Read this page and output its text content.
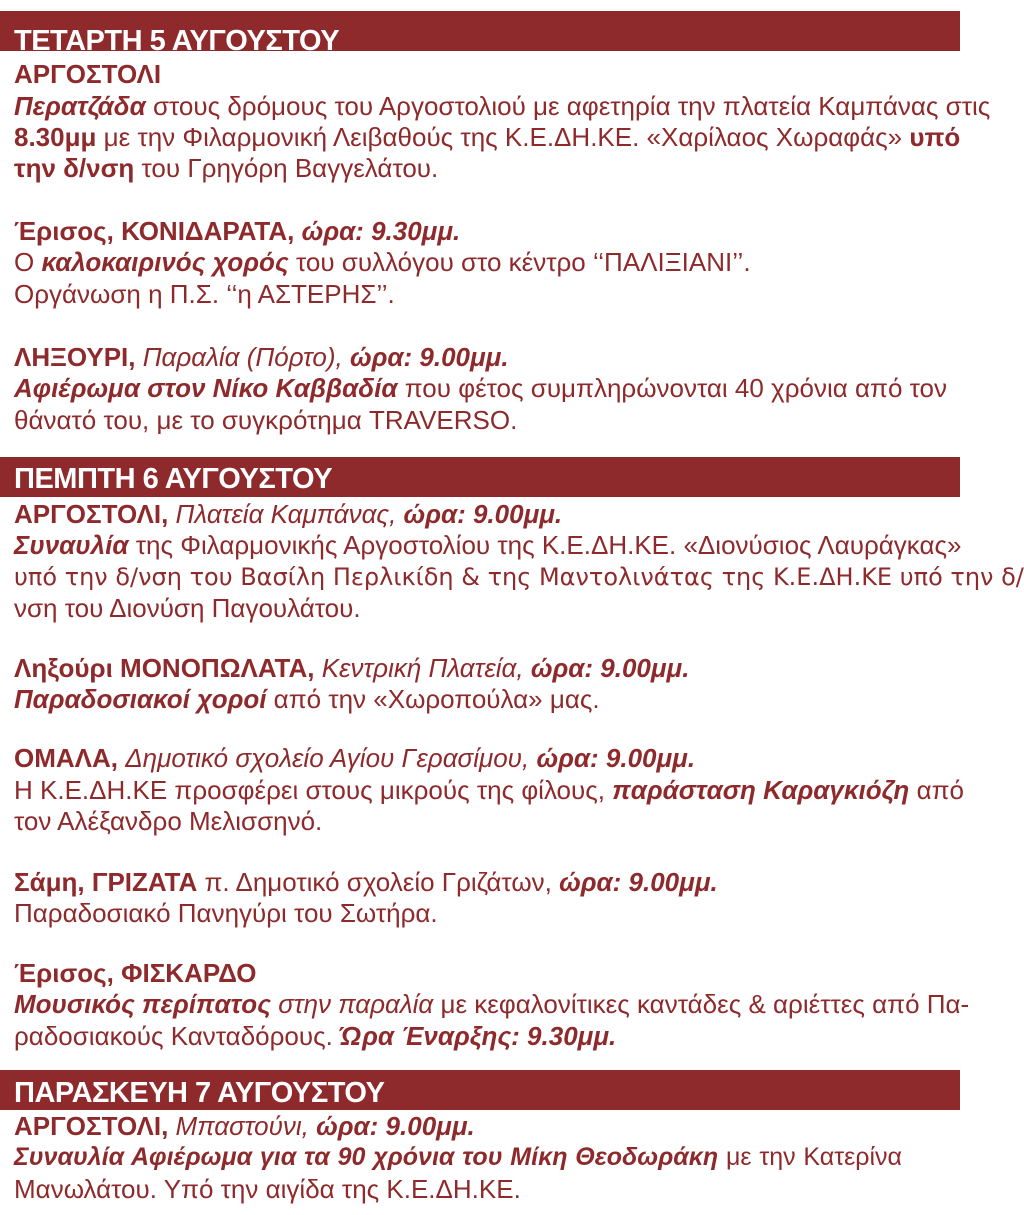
ΤΕΤΑΡΤΗ 5 ΑΥΓΟΥΣΤΟΥ
ΑΡΓΟΣΤΟΛΙ
Περατζάδα στους δρόμους του Αργοστολιού με αφετηρία την πλατεία Καμπάνας στις
8.30μμ με την Φιλαρμονική Λειβαθούς της Κ.Ε.ΔΗ.ΚΕ. «Χαρίλαος Χωραφάς» υπό
την δ/νση του Γρηγόρη Βαγγελάτου.
Έρισος, ΚΟΝΙΔΑΡΑΤΑ, ώρα: 9.30μμ.
Ο καλοκαιρινός χορός του συλλόγου στο κέντρο ‘‘ΠΑΛΙΞΙΑΝΙ’’.
Οργάνωση η Π.Σ. ‘‘η ΑΣΤΕΡΗΣ’’.
ΛΗΞΟΥΡΙ, Παραλία (Πόρτο), ώρα: 9.00μμ.
Αφιέρωμα στον Νίκο Καββαδία που φέτος συμπληρώνονται 40 χρόνια από τον
θάνατό του, με το συγκρότημα TRAVERSO.
ΠΕΜΠΤΗ 6 ΑΥΓΟΥΣΤΟΥ
ΑΡΓΟΣΤΟΛΙ, Πλατεία Καμπάνας, ώρα: 9.00μμ.
Συναυλία της Φιλαρμονικής Αργοστολίου της Κ.Ε.ΔΗ.ΚΕ. «Διονύσιος Λαυράγκας»
υπό την δ/νση του Βασίλη Περλικίδη & της Μαντολινάτας της Κ.Ε.ΔΗ.ΚΕ υπό την δ/
νση του Διονύση Παγουλάτου.
Ληξούρι ΜΟΝΟΠΩΛΑΤΑ, Κεντρική Πλατεία, ώρα: 9.00μμ.
Παραδοσιακοί χοροί από την «Χωροπούλα» μας.
ΟΜΑΛΑ, Δημοτικό σχολείο Αγίου Γερασίμου, ώρα: 9.00μμ.
Η Κ.Ε.ΔΗ.ΚΕ προσφέρει στους μικρούς της φίλους, παράσταση Καραγκιόζη από
τον Αλέξανδρο Μελισσηνό.
Σάμη, ΓΡΙΖΑΤΑ π. Δημοτικό σχολείο Γριζάτων, ώρα: 9.00μμ.
Παραδοσιακό Πανηγύρι του Σωτήρα.
Έρισος, ΦΙΣΚΑΡΔΟ
Μουσικός περίπατος στην παραλία με κεφαλονίτικες καντάδες & αριέττες από Πα-
ραδοσιακούς Κανταδόρους. Ώρα Έναρξης: 9.30μμ.
ΠΑΡΑΣΚΕΥΗ 7 ΑΥΓΟΥΣΤΟΥ
ΑΡΓΟΣΤΟΛΙ, Μπαστούνι, ώρα: 9.00μμ.
Συναυλία Αφιέρωμα για τα 90 χρόνια του Μίκη Θεοδωράκη με την Κατερίνα
Μανωλάτου. Υπό την αιγίδα της Κ.Ε.ΔΗ.ΚΕ.
